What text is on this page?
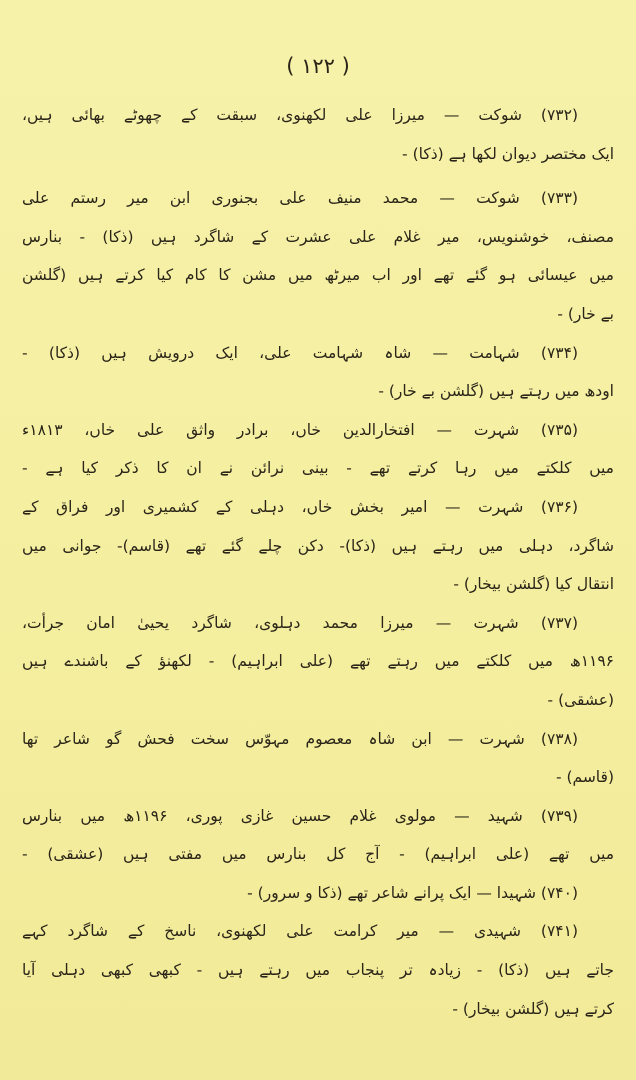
( ۱۲۲ )
(۷۳۲) شوکت — میرزا علی لکھنوی، سبقت کے چھوٹے بھائی ہیں،
ایک مختصر دیوان لکھا ہے (ذکا) -
(۷۳۳) شوکت — محمد منیف علی بجنوری ابن میر رستم علی
مصنف، خوشنویس، میر غلام علی عشرت کے شاگرد ہیں (ذکا) - بنارس
میں عیسائی ہو گئے تھے اور اب میرٹھ میں مشن کا کام کیا کرتے ہیں (گلشن
بے خار) -
(۷۳۴) شہامت — شاہ شہامت علی، ایک درویش ہیں (ذکا) -
اودھ میں رہتے ہیں (گلشن بے خار) -
(۷۳۵) شہرت — افتخارالدین خاں، برادر واثق علی خاں، ۱۸۱۳ء
میں کلکتے میں رہا کرتے تھے - بینی نرائن نے ان کا ذکر کیا ہے -
(۷۳۶) شہرت — امیر بخش خاں، دہلی کے کشمیری اور فراق کے
شاگرد، دہلی میں رہتے ہیں (ذکا)- دکن چلے گئے تھے (قاسم)- جوانی میں
انتقال کیا (گلشن بیخار) -
(۷۳۷) شہرت — میرزا محمد دہلوی، شاگرد یحییٰ امان جرأت،
۱۱۹۶ھ میں کلکتے میں رہتے تھے (علی ابراہیم) - لکھنؤ کے باشندے ہیں
(عشقی) -
(۷۳۸) شہرت — ابن شاہ معصوم مہوّس سخت فحش گو شاعر تھا
(قاسم) -
(۷۳۹) شہید — مولوی غلام حسین غازی پوری، ۱۱۹۶ھ میں بنارس
میں تھے (علی ابراہیم) - آج کل بنارس میں مفتی ہیں (عشقی) -
(۷۴۰) شہیدا — ایک پرانے شاعر تھے (ذکا و سرور) -
(۷۴۱) شہیدی — میر کرامت علی لکھنوی، ناسخ کے شاگرد کہے
جاتے ہیں (ذکا) - زیادہ تر پنجاب میں رہتے ہیں - کبھی کبھی دہلی آیا
کرتے ہیں (گلشن بیخار) -
